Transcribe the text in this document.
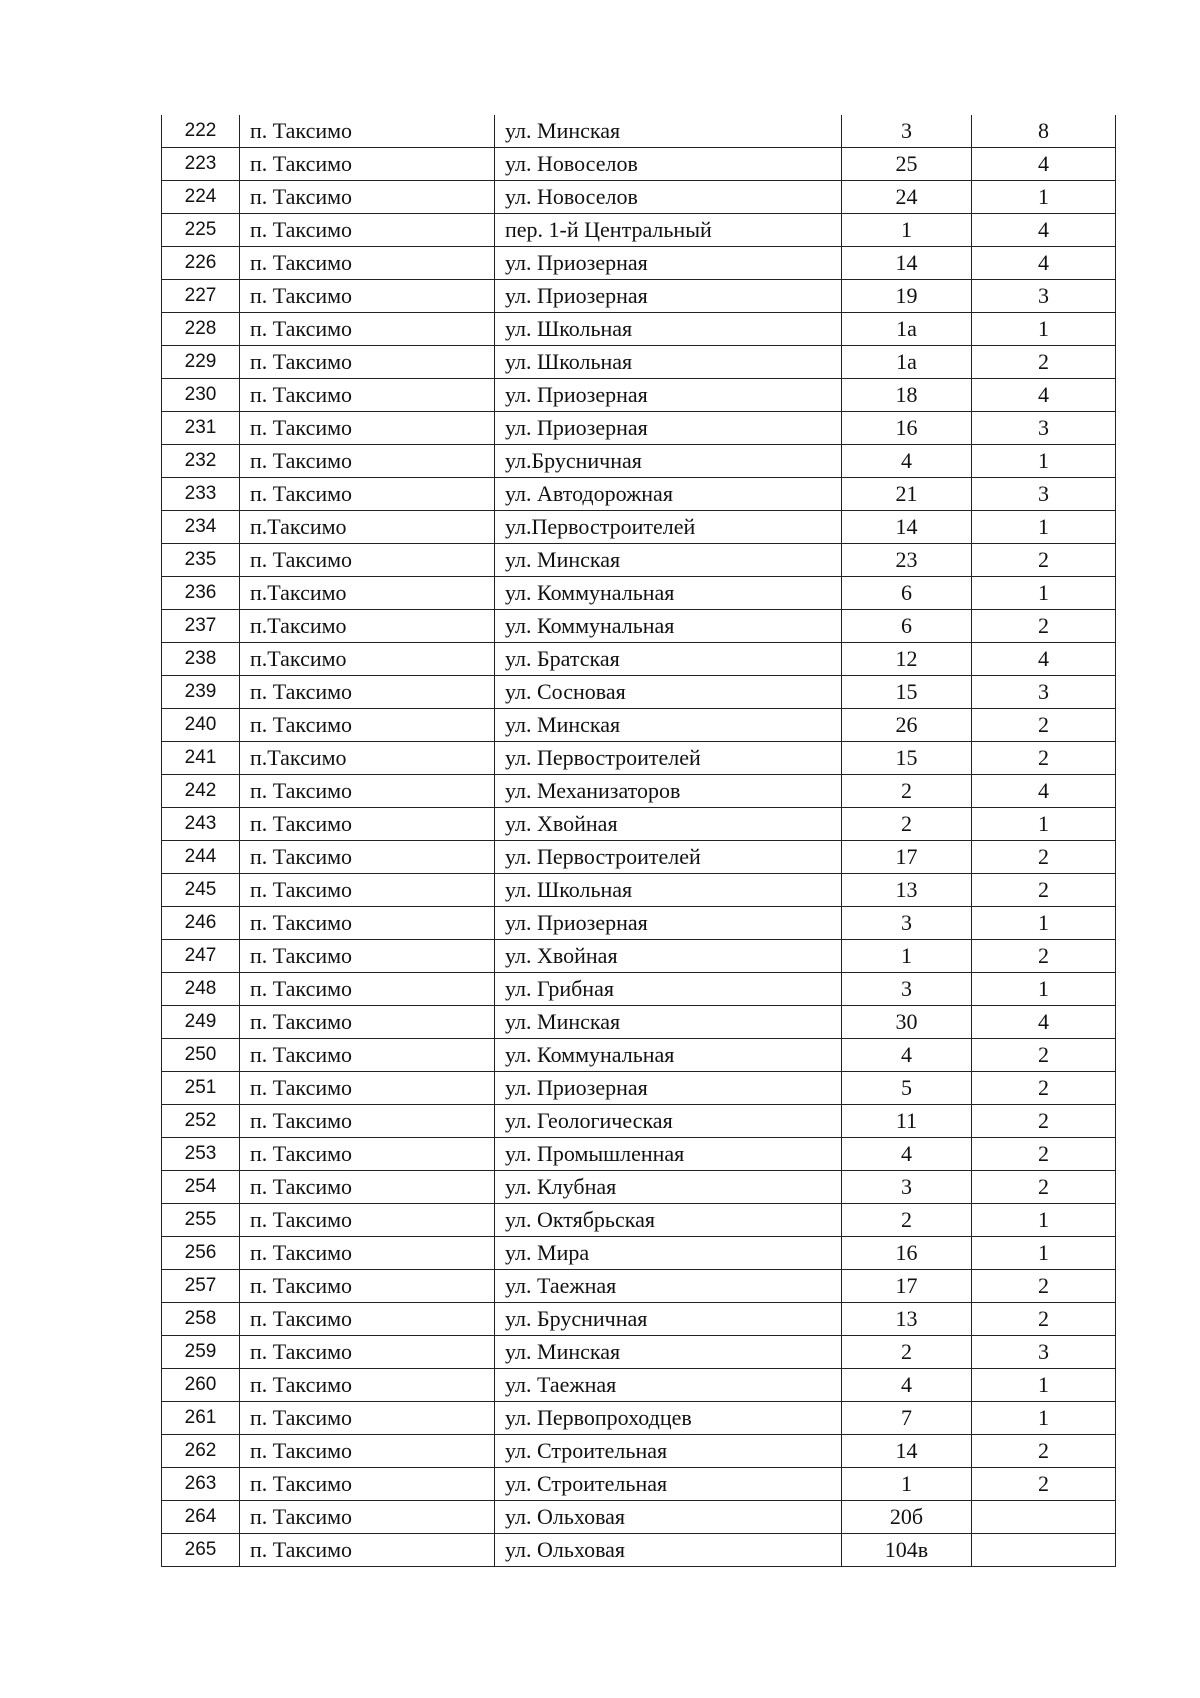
222	п. Таксимо	ул. Минская	3	8
223	п. Таксимо	ул. Новоселов	25	4
224	п. Таксимо	ул. Новоселов	24	1
225	п. Таксимо	пер. 1-й Центральный	1	4
226	п. Таксимо	ул. Приозерная	14	4
227	п. Таксимо	ул. Приозерная	19	3
228	п. Таксимо	ул. Школьная	1а	1
229	п. Таксимо	ул. Школьная	1а	2
230	п. Таксимо	ул. Приозерная	18	4
231	п. Таксимо	ул. Приозерная	16	3
232	п. Таксимо	ул.Брусничная	4	1
233	п. Таксимо	ул. Автодорожная	21	3
234	п.Таксимо	ул.Первостроителей	14	1
235	п. Таксимо	ул. Минская	23	2
236	п.Таксимо	ул. Коммунальная	6	1
237	п.Таксимо	ул. Коммунальная	6	2
238	п.Таксимо	ул. Братская	12	4
239	п. Таксимо	ул. Сосновая	15	3
240	п. Таксимо	ул. Минская	26	2
241	п.Таксимо	ул. Первостроителей	15	2
242	п. Таксимо	ул. Механизаторов	2	4
243	п. Таксимо	ул. Хвойная	2	1
244	п. Таксимо	ул. Первостроителей	17	2
245	п. Таксимо	ул. Школьная	13	2
246	п. Таксимо	ул. Приозерная	3	1
247	п. Таксимо	ул. Хвойная	1	2
248	п. Таксимо	ул. Грибная	3	1
249	п. Таксимо	ул. Минская	30	4
250	п. Таксимо	ул. Коммунальная	4	2
251	п. Таксимо	ул. Приозерная	5	2
252	п. Таксимо	ул. Геологическая	11	2
253	п. Таксимо	ул. Промышленная	4	2
254	п. Таксимо	ул. Клубная	3	2
255	п. Таксимо	ул. Октябрьская	2	1
256	п. Таксимо	ул. Мира	16	1
257	п. Таксимо	ул. Таежная	17	2
258	п. Таксимо	ул. Брусничная	13	2
259	п. Таксимо	ул. Минская	2	3
260	п. Таксимо	ул. Таежная	4	1
261	п. Таксимо	ул. Первопроходцев	7	1
262	п. Таксимо	ул. Строительная	14	2
263	п. Таксимо	ул. Строительная	1	2
264	п. Таксимо	ул. Ольховая	20б	
265	п. Таксимо	ул. Ольховая	104в	
